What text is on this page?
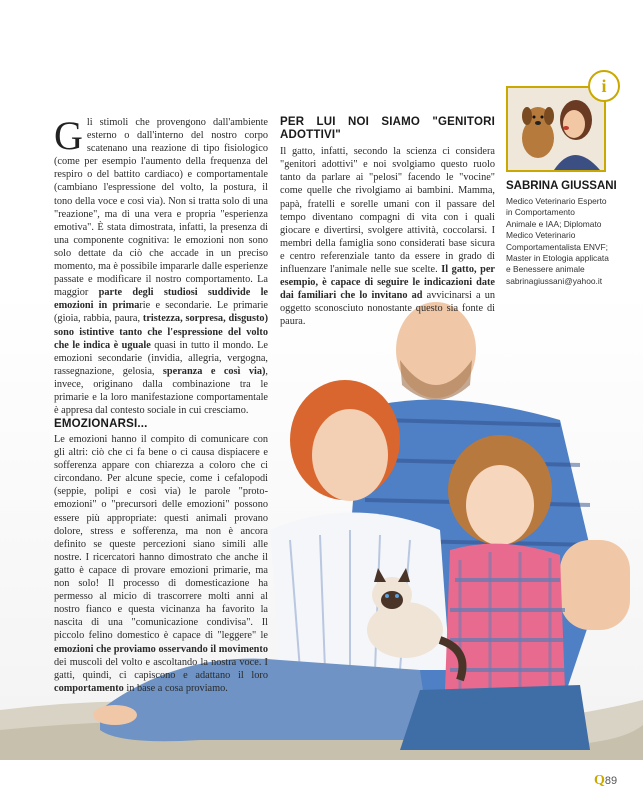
Gli stimoli che provengono dall'ambiente esterno o dall'interno del nostro corpo scatenano una reazione di tipo fisiologico (come per esempio l'aumento della frequenza del respiro o del battito cardiaco) e comportamentale (cambiano l'espressione del volto, la postura, il tono della voce e così via). Non si tratta solo di una "reazione", ma di una vera e propria "esperienza emotiva". È stata dimostrata, infatti, la presenza di una componente cognitiva: le emozioni non sono solo dettate da ciò che accade in un preciso momento, ma è possibile impararle dalle esperienze passate e modificare il nostro comportamento. La maggior parte degli studiosi suddivide le emozioni in primarie e secondarie. Le primarie (gioia, rabbia, paura, tristezza, sorpresa, disgusto) sono istintive tanto che l'espressione del volto che le indica è uguale quasi in tutto il mondo. Le emozioni secondarie (invidia, allegria, vergogna, rassegnazione, gelosia, speranza e così via), invece, originano dalla combinazione tra le primarie e la loro manifestazione comportamentale è appresa dal contesto sociale in cui cresciamo.

EMOZIONARSI...

Le emozioni hanno il compito di comunicare con gli altri: ciò che ci fa bene o ci causa dispiacere e sofferenza appare con chiarezza a coloro che ci circondano. Per alcune specie, come i cefalopodi (seppie, polipi e così via) le parole "proto-emozioni" o "precursori delle emozioni" possono essere più appropriate: questi animali provano dolore, stress e sofferenza, ma non è ancora definito se queste percezioni siano simili alle nostre. I ricercatori hanno dimostrato che anche il gatto è capace di provare emozioni primarie, ma non solo! Il processo di domesticazione ha permesso al micio di trascorrere molti anni al nostro fianco e questa vicinanza ha favorito la nascita di una "comunicazione condivisa". Il piccolo felino domestico è capace di "leggere" le emozioni che proviamo osservando il movimento dei muscoli del volto e ascoltando la nostra voce. I gatti, quindi, ci capiscono e adattano il loro comportamento in base a cosa proviamo.

PER LUI NOI SIAMO "GENITORI ADOTTIVI"

Il gatto, infatti, secondo la scienza ci considera "genitori adottivi" e noi svolgiamo questo ruolo tanto da parlare ai "pelosi" facendo le "vocine" come quelle che rivolgiamo ai bambini. Mamma, papà, fratelli e sorelle umani con il passare del tempo diventano compagni di vita con i quali giocare e divertirsi, svolgere attività, coccolarsi. I membri della famiglia sono considerati base sicura e centro referenziale tanto da essere in grado di influenzare l'animale nelle sue scelte. Il gatto, per esempio, è capace di seguire le indicazioni date dai familiari che lo invitano ad avvicinarsi a un oggetto sconosciuto nonostante questo sia fonte di paura.

i
SABRINA GIUSSANI
Medico Veterinario Esperto
in Comportamento
Animale e IAA; Diplomato
Medico Veterinario
Comportamentalista ENVF;
Master in Etologia applicata
e Benessere animale
sabrinagiussani@yahoo.it
Q89
